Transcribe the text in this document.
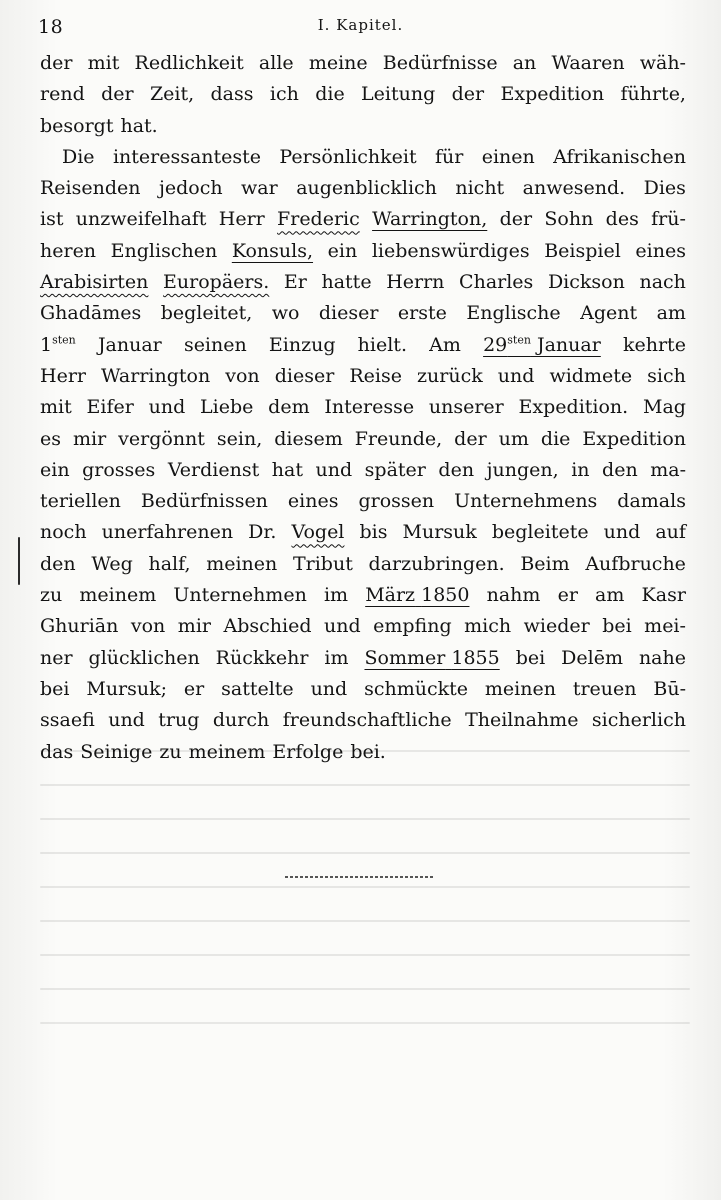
18	I. Kapitel.
der mit Redlichkeit alle meine Bedürfnisse an Waaren wäh-
rend der Zeit, dass ich die Leitung der Expedition führte,
besorgt hat.
Die interessanteste Persönlichkeit für einen Afrikanischen
Reisenden jedoch war augenblicklich nicht anwesend. Dies
ist unzweifelhaft Herr Frederic Warrington, der Sohn des frü-
heren Englischen Konsuls, ein liebenswürdiges Beispiel eines
Arabisirten Europäers. Er hatte Herrn Charles Dickson nach
Ghadāmes begleitet, wo dieser erste Englische Agent am
$1^{sten}$ Januar seinen Einzug hielt. Am $29^{sten}$ Januar kehrte
Herr Warrington von dieser Reise zurück und widmete sich
mit Eifer und Liebe dem Interesse unserer Expedition. Mag
es mir vergönnt sein, diesem Freunde, der um die Expedition
ein grosses Verdienst hat und später den jungen, in den ma-
teriellen Bedürfnissen eines grossen Unternehmens damals
noch unerfahrenen Dr. Vogel bis Mursuk begleitete und auf
den Weg half, meinen Tribut darzubringen. Beim Aufbruche
zu meinem Unternehmen im März 1850 nahm er am Kasr
Ghuriān von mir Abschied und empfing mich wieder bei mei-
ner glücklichen Rückkehr im Sommer 1855 bei Delēm nahe
bei Mursuk; er sattelte und schmückte meinen treuen Bū-
ssaefi und trug durch freundschaftliche Theilnahme sicherlich
das Seinige zu meinem Erfolge bei.
